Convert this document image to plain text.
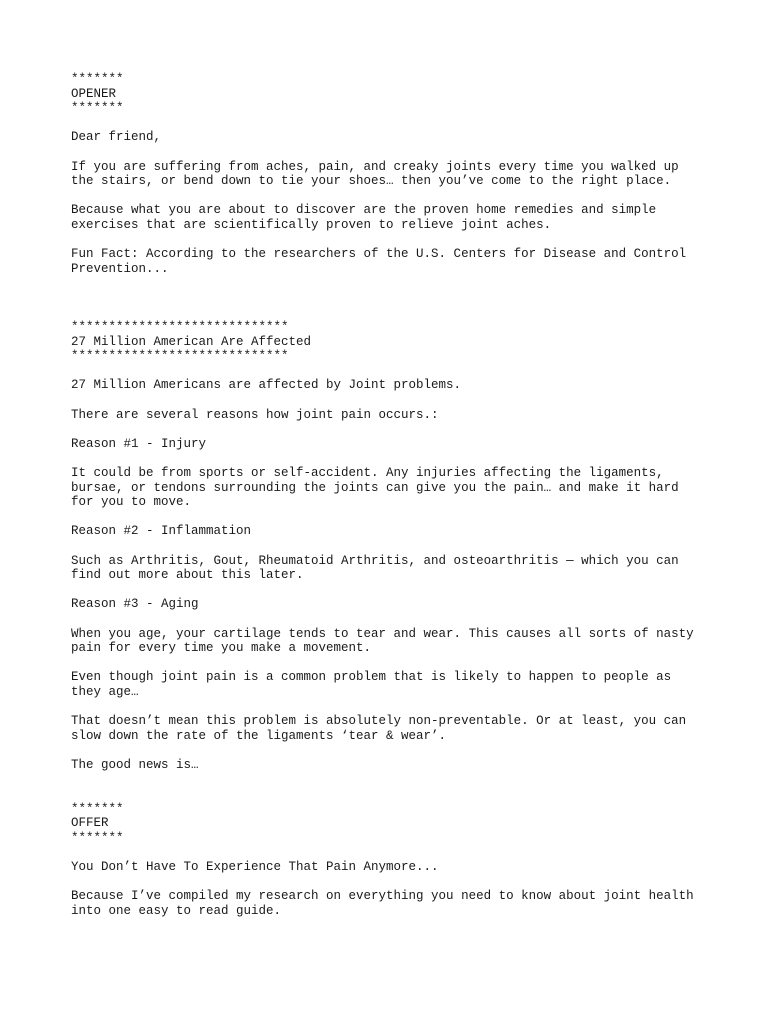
*******
OPENER
*******
Dear friend,
If you are suffering from aches, pain, and creaky joints every time you walked up
the stairs, or bend down to tie your shoes… then you’ve come to the right place.
Because what you are about to discover are the proven home remedies and simple
exercises that are scientifically proven to relieve joint aches.
Fun Fact: According to the researchers of the U.S. Centers for Disease and Control
Prevention...
*****************************
27 Million American Are Affected
*****************************
27 Million Americans are affected by Joint problems.
There are several reasons how joint pain occurs.:
Reason #1 - Injury
It could be from sports or self-accident. Any injuries affecting the ligaments,
bursae, or tendons surrounding the joints can give you the pain… and make it hard
for you to move.
Reason #2 - Inflammation
Such as Arthritis, Gout, Rheumatoid Arthritis, and osteoarthritis — which you can
find out more about this later.
Reason #3 - Aging
When you age, your cartilage tends to tear and wear. This causes all sorts of nasty
pain for every time you make a movement.
Even though joint pain is a common problem that is likely to happen to people as
they age…
That doesn’t mean this problem is absolutely non-preventable. Or at least, you can
slow down the rate of the ligaments ‘tear & wear’.
The good news is…
*******
OFFER
*******
You Don’t Have To Experience That Pain Anymore...
Because I’ve compiled my research on everything you need to know about joint health
into one easy to read guide.
